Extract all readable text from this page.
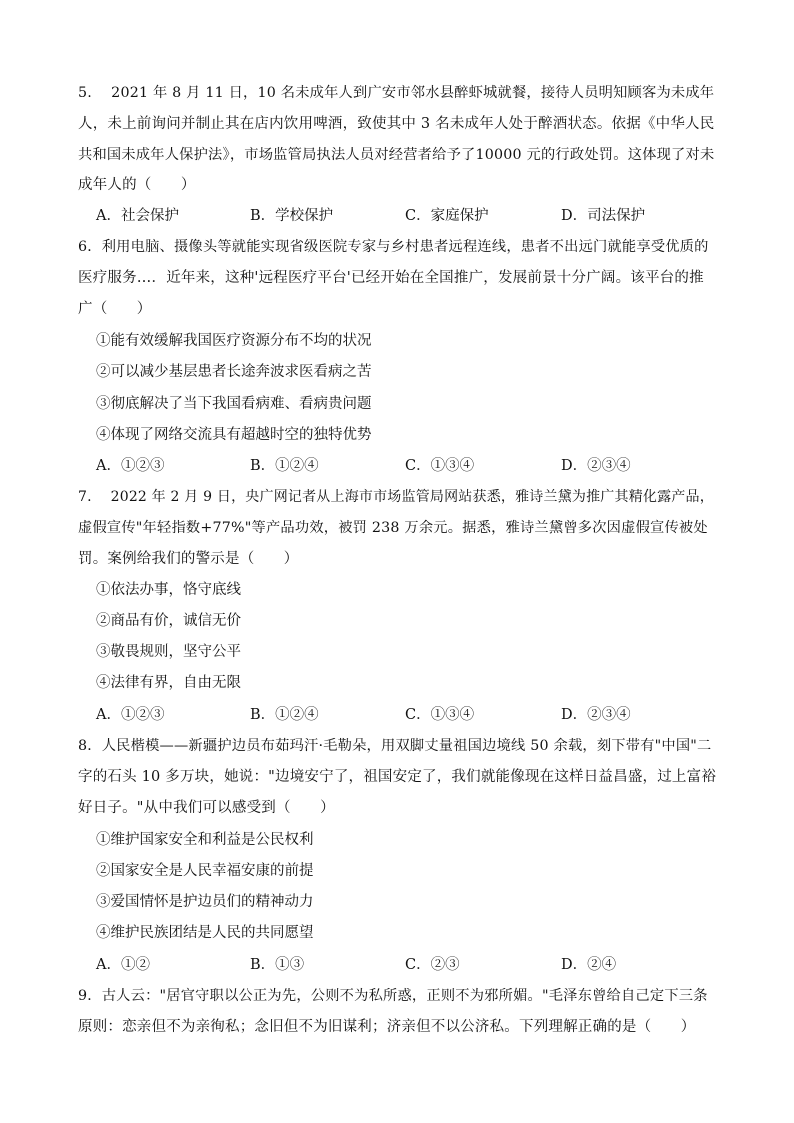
5.　 2021 年 8 月 11 日，10 名未成年人到广安市邻水县醉虾城就餐，接待人员明知顾客为未成年
人，未上前询问并制止其在店内饮用啤酒，致使其中 3 名未成年人处于醉酒状态。依据《中华人民
共和国未成年人保护法》，市场监管局执法人员对经营者给予了10000 元的行政处罚。这体现了对未
成年人的（　　）
A．社会保护	B．学校保护	C．家庭保护	D．司法保护
6．利用电脑、摄像头等就能实现省级医院专家与乡村患者远程连线，患者不出远门就能享受优质的
医疗服务…．近年来，这种'远程医疗平台'已经开始在全国推广，发展前景十分广阔。该平台的推
广（　　）
①能有效缓解我国医疗资源分布不均的状况
②可以减少基层患者长途奔波求医看病之苦
③彻底解决了当下我国看病难、看病贵问题
④体现了网络交流具有超越时空的独特优势
A．①②③	B．①②④	C．①③④	D．②③④
7.　 2022 年 2 月 9 日，央广网记者从上海市市场监管局网站获悉，雅诗兰黛为推广其精化露产品，
虚假宣传"年轻指数+77%"等产品功效，被罚 238 万余元。据悉，雅诗兰黛曾多次因虚假宣传被处
罚。案例给我们的警示是（　　）
①依法办事，恪守底线
②商品有价，诚信无价
③敬畏规则，坚守公平
④法律有界，自由无限
A．①②③	B．①②④	C．①③④	D．②③④
8．人民楷模——新疆护边员布茹玛汗·毛勒朵，用双脚丈量祖国边境线 50 余载，刻下带有"中国"二
字的石头 10 多万块，她说："边境安宁了，祖国安定了，我们就能像现在这样日益昌盛，过上富裕
好日子。"从中我们可以感受到（　　）
①维护国家安全和利益是公民权利
②国家安全是人民幸福安康的前提
③爱国情怀是护边员们的精神动力
④维护民族团结是人民的共同愿望
A．①②	B．①③	C．②③	D．②④
9．古人云："居官守职以公正为先，公则不为私所惑，正则不为邪所媚。"毛泽东曾给自己定下三条
原则：恋亲但不为亲徇私；念旧但不为旧谋利；济亲但不以公济私。下列理解正确的是（　　）
